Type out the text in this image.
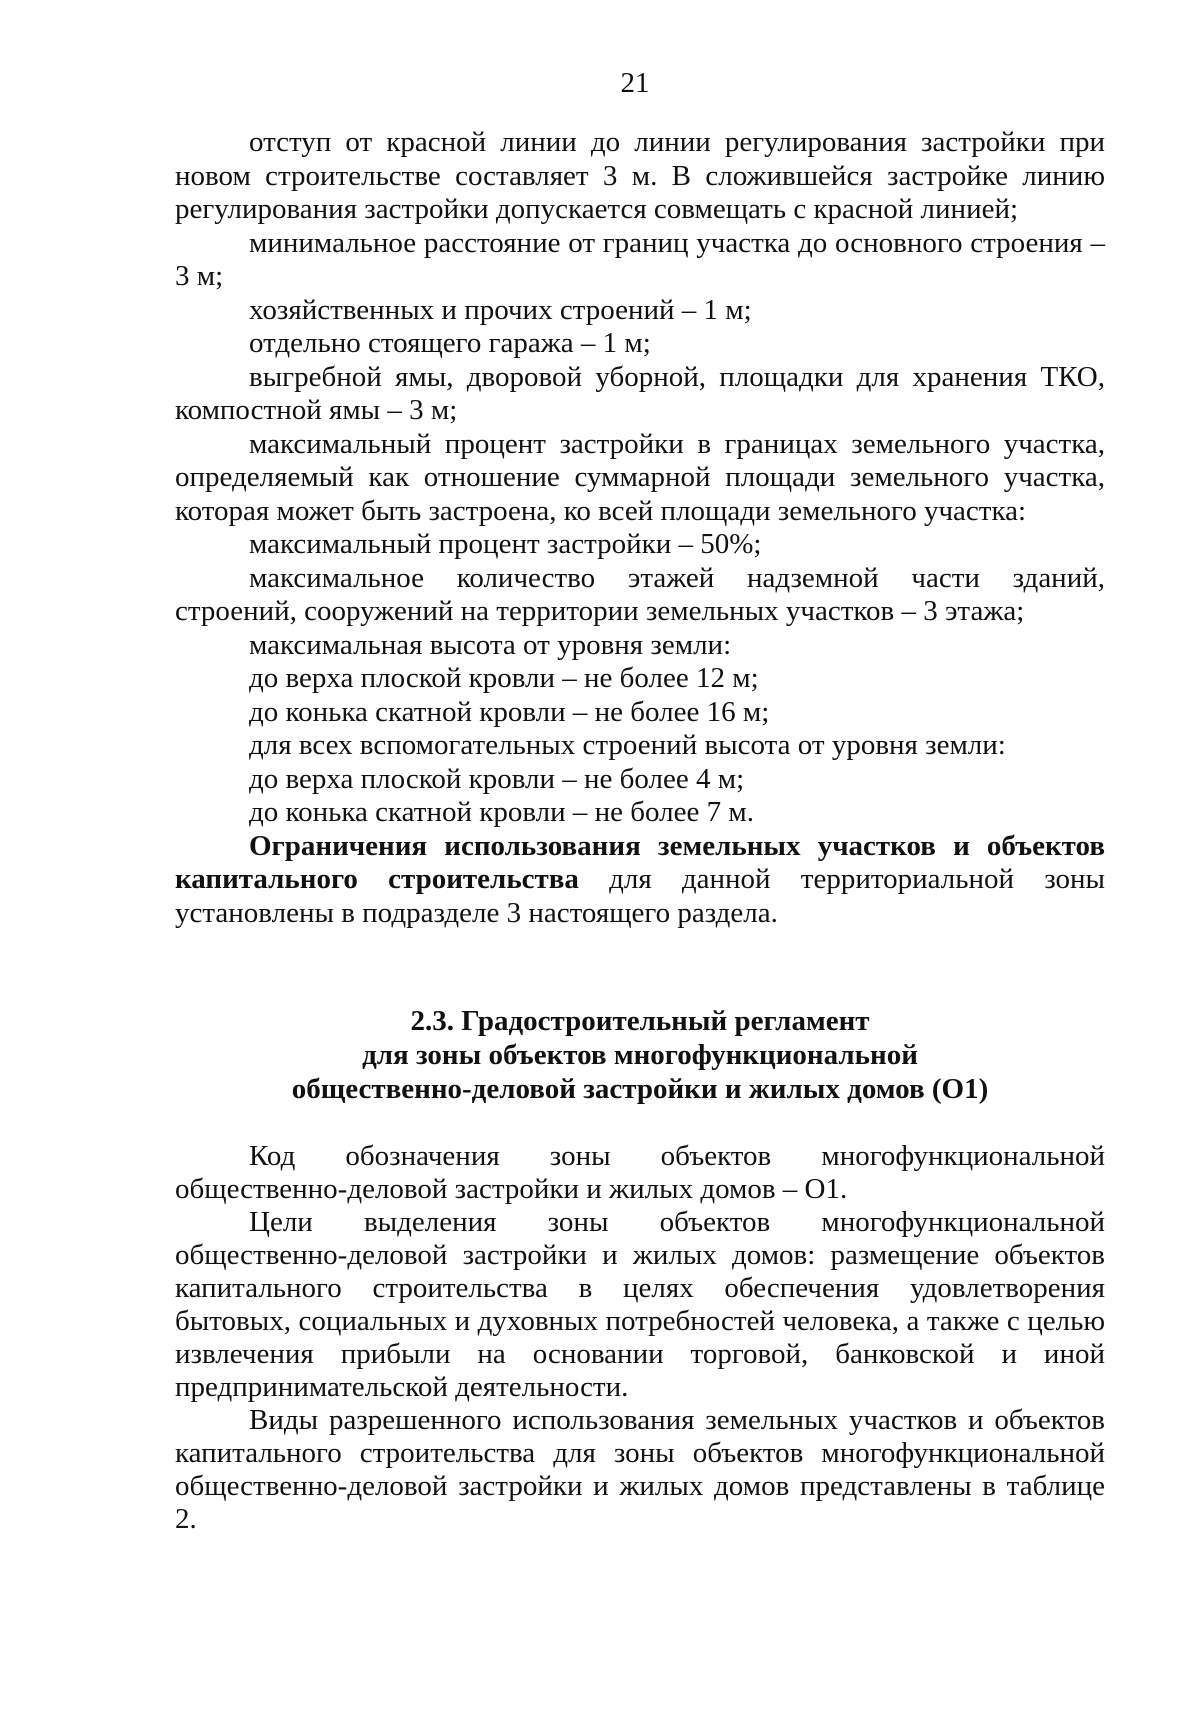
21

отступ от красной линии до линии регулирования застройки при новом строительстве составляет 3 м. В сложившейся застройке линию регулирования застройки допускается совмещать с красной линией;

минимальное расстояние от границ участка до основного строения – 3 м;

хозяйственных и прочих строений – 1 м;

отдельно стоящего гаража – 1 м;

выгребной ямы, дворовой уборной, площадки для хранения ТКО, компостной ямы – 3 м;

максимальный процент застройки в границах земельного участка, определяемый как отношение суммарной площади земельного участка, которая может быть застроена, ко всей площади земельного участка:

максимальный процент застройки – 50%;

максимальное количество этажей надземной части зданий, строений, сооружений на территории земельных участков – 3 этажа;

максимальная высота от уровня земли:

до верха плоской кровли – не более 12 м;

до конька скатной кровли – не более 16 м;

для всех вспомогательных строений высота от уровня земли:

до верха плоской кровли – не более 4 м;

до конька скатной кровли – не более 7 м.

Ограничения использования земельных участков и объектов капитального строительства для данной территориальной зоны установлены в подразделе 3 настоящего раздела.

2.3. Градостроительный регламент
для зоны объектов многофункциональной
общественно-деловой застройки и жилых домов (О1)

Код обозначения зоны объектов многофункциональной общественно-деловой застройки и жилых домов – О1.

Цели выделения зоны объектов многофункциональной общественно-деловой застройки и жилых домов: размещение объектов капитального строительства в целях обеспечения удовлетворения бытовых, социальных и духовных потребностей человека, а также с целью извлечения прибыли на основании торговой, банковской и иной предпринимательской деятельности.

Виды разрешенного использования земельных участков и объектов капитального строительства для зоны объектов многофункциональной общественно-деловой застройки и жилых домов представлены в таблице 2.
